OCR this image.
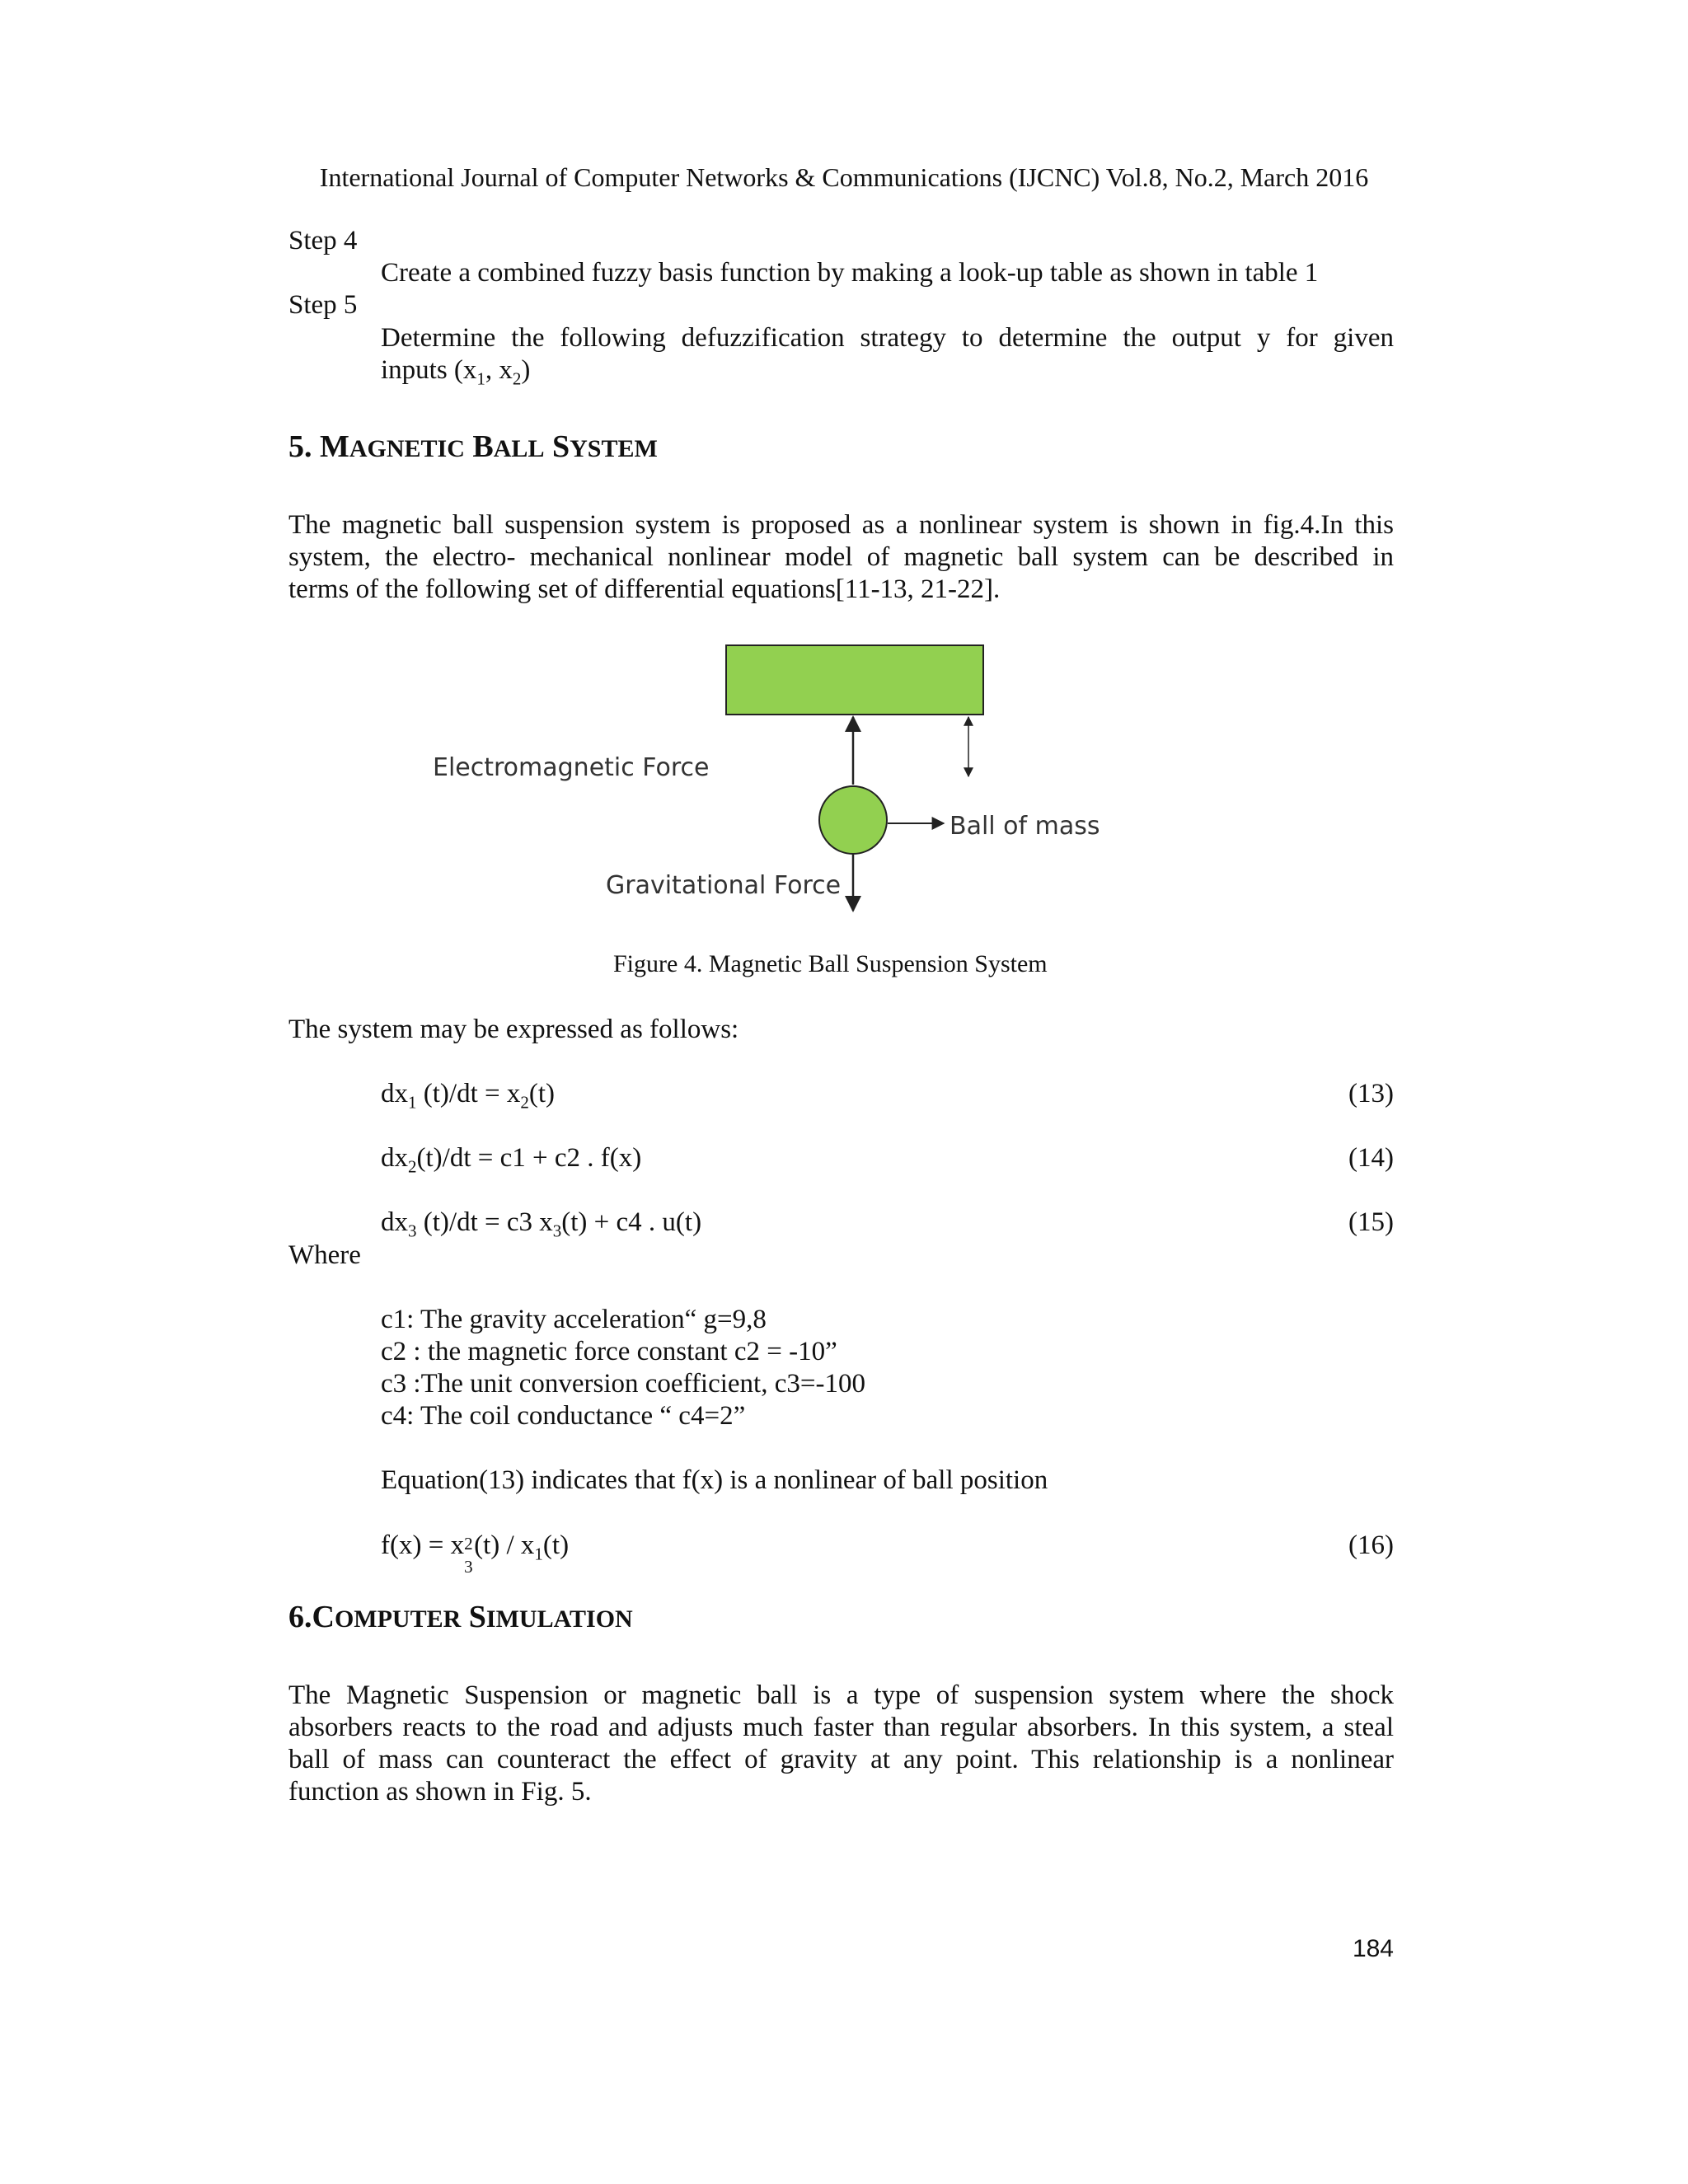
International Journal of Computer Networks & Communications (IJCNC) Vol.8, No.2, March 2016
Step 4
Create a combined fuzzy basis function by making a look-up table as shown in table 1
Step 5
Determine the following defuzzification strategy to determine the output y for given
inputs ($x_1$, $x_2$)
5. MAGNETIC BALL SYSTEM
The magnetic ball suspension system is proposed as a nonlinear system is shown in fig.4.In this
system, the electro- mechanical nonlinear model of magnetic ball system can be described in
terms of the following set of differential equations[11-13, 21-22].
Electromagnetic Force
Ball of mass
Gravitational Force
Figure 4. Magnetic Ball Suspension System
The system may be expressed as follows:
$dx_1$ $(t)/dt = x_2(t)$	(13)
$dx_2(t)/dt = c1 + c2$ . f(x)	(14)
$dx_3$ (t)/dt = c3 $x_3(t) + c4$ . u(t)	(15)
Where
c1: The gravity acceleration“ g=9,8
c2 : the magnetic force constant c2 = -10”
c3 :The unit conversion coefficient, c3=-100
c4: The coil conductance “ c4=2”
Equation(13) indicates that f(x) is a nonlinear of ball position
f(x) = x 2
3
$(t) / x_1(t)$	(16)
6.COMPUTER SIMULATION
The Magnetic Suspension or magnetic ball is a type of suspension system where the shock
absorbers reacts to the road and adjusts much faster than regular absorbers. In this system, a steal
ball of mass can counteract the effect of gravity at any point. This relationship is a nonlinear
function as shown in Fig. 5.
184
